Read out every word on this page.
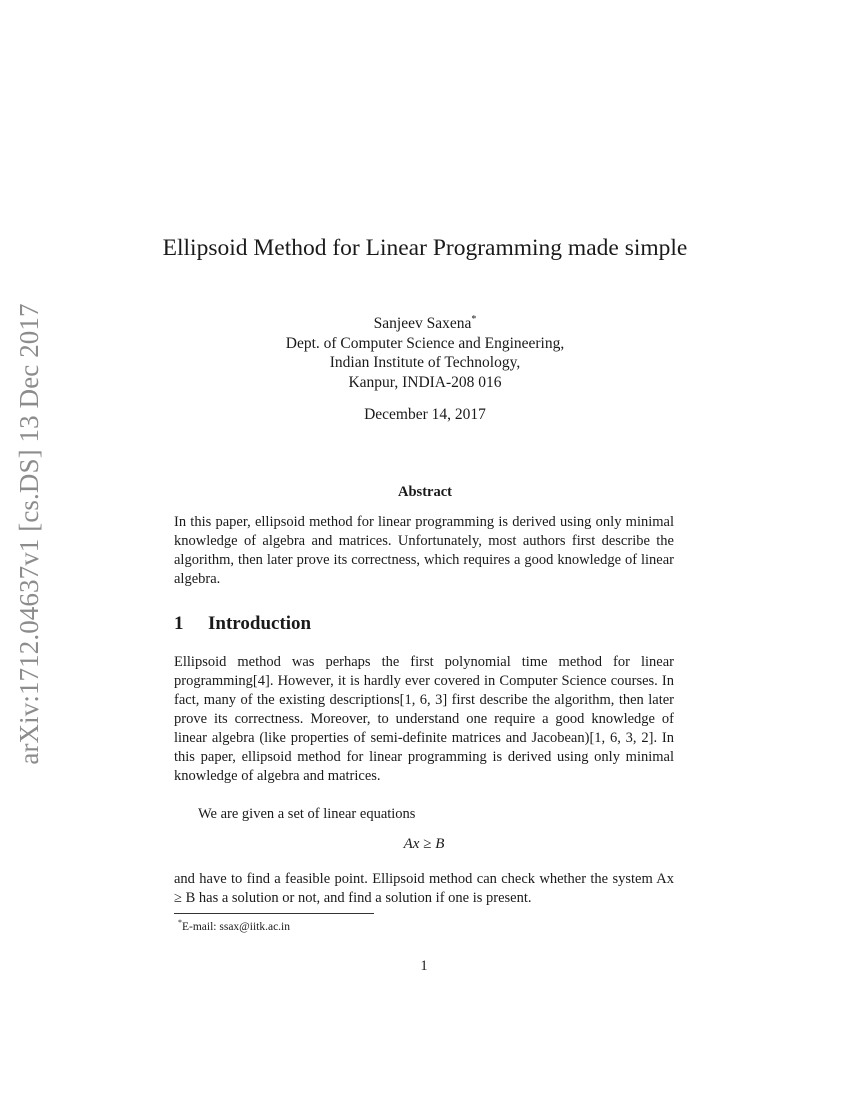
arXiv:1712.04637v1 [cs.DS] 13 Dec 2017
Ellipsoid Method for Linear Programming made simple
Sanjeev Saxena*
Dept. of Computer Science and Engineering,
Indian Institute of Technology,
Kanpur, INDIA-208 016
December 14, 2017
Abstract
In this paper, ellipsoid method for linear programming is derived using only minimal knowledge of algebra and matrices. Unfortunately, most authors first describe the algorithm, then later prove its correctness, which requires a good knowledge of linear algebra.
1 Introduction
Ellipsoid method was perhaps the first polynomial time method for linear programming[4]. However, it is hardly ever covered in Computer Science courses. In fact, many of the existing descriptions[1, 6, 3] first describe the algorithm, then later prove its correctness. Moreover, to understand one require a good knowledge of linear algebra (like properties of semi-definite matrices and Jacobean)[1, 6, 3, 2]. In this paper, ellipsoid method for linear programming is derived using only minimal knowledge of algebra and matrices.
We are given a set of linear equations
Ax ≥ B
and have to find a feasible point. Ellipsoid method can check whether the system Ax ≥ B has a solution or not, and find a solution if one is present.
*E-mail: ssax@iitk.ac.in
1
